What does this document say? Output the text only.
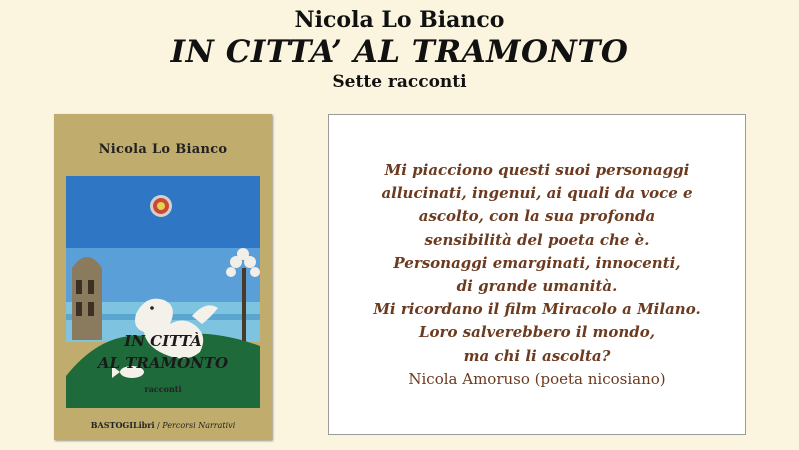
Nicola Lo Bianco
IN CITTA’ AL TRAMONTO
Sette racconti
Nicola Lo Bianco
IN CITTÀ
AL TRAMONTO
racconti
BASTOGILibri / Percorsi Narrativi
Mi piacciono questi suoi personaggi
allucinati, ingenui, ai quali da voce e
ascolto, con la sua profonda
sensibilità del poeta che è.
Personaggi emarginati, innocenti,
di grande umanità.
Mi ricordano il film Miracolo a Milano.
Loro salverebbero il mondo,
ma chi li ascolta?
Nicola Amoruso (poeta nicosiano)
